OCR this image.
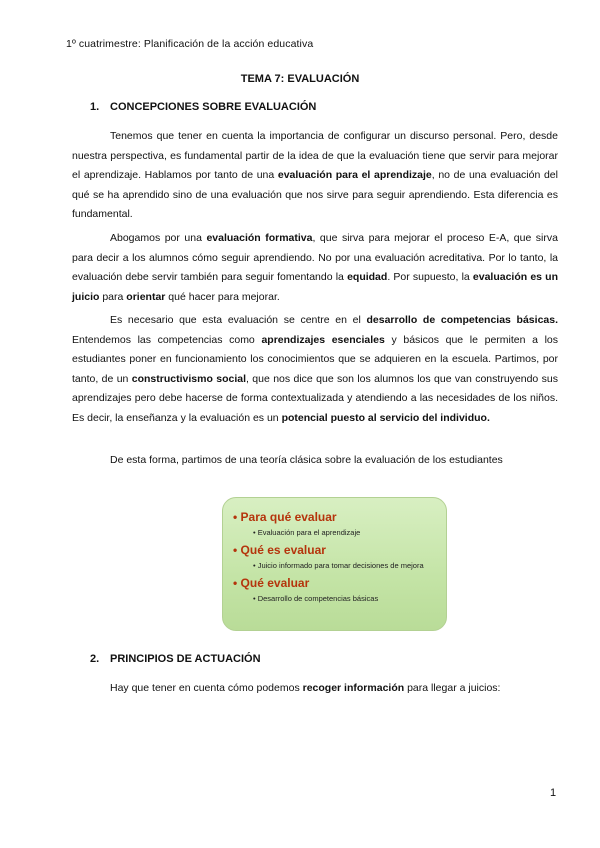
1º cuatrimestre: Planificación de la acción educativa
TEMA 7: EVALUACIÓN
1. CONCEPCIONES SOBRE EVALUACIÓN

Tenemos que tener en cuenta la importancia de configurar un discurso personal. Pero, desde nuestra perspectiva, es fundamental partir de la idea de que la evaluación tiene que servir para mejorar el aprendizaje. Hablamos por tanto de una evaluación para el aprendizaje, no de una evaluación del qué se ha aprendido sino de una evaluación que nos sirve para seguir aprendiendo. Esta diferencia es fundamental.

Abogamos por una evaluación formativa, que sirva para mejorar el proceso E-A, que sirva para decir a los alumnos cómo seguir aprendiendo. No por una evaluación acreditativa. Por lo tanto, la evaluación debe servir también para seguir fomentando la equidad. Por supuesto, la evaluación es un juicio para orientar qué hacer para mejorar.

Es necesario que esta evaluación se centre en el desarrollo de competencias básicas. Entendemos las competencias como aprendizajes esenciales y básicos que le permiten a los estudiantes poner en funcionamiento los conocimientos que se adquieren en la escuela. Partimos, por tanto, de un constructivismo social, que nos dice que son los alumnos los que van construyendo sus aprendizajes pero debe hacerse de forma contextualizada y atendiendo a las necesidades de los niños. Es decir, la enseñanza y la evaluación es un potencial puesto al servicio del individuo.

De esta forma, partimos de una teoría clásica sobre la evaluación de los estudiantes

• Para qué evaluar
• Evaluación para el aprendizaje
• Qué es evaluar
• Juicio informado para tomar decisiones de mejora
• Qué evaluar
• Desarrollo de competencias básicas
2. PRINCIPIOS DE ACTUACIÓN

Hay que tener en cuenta cómo podemos recoger información para llegar a juicios:

1
